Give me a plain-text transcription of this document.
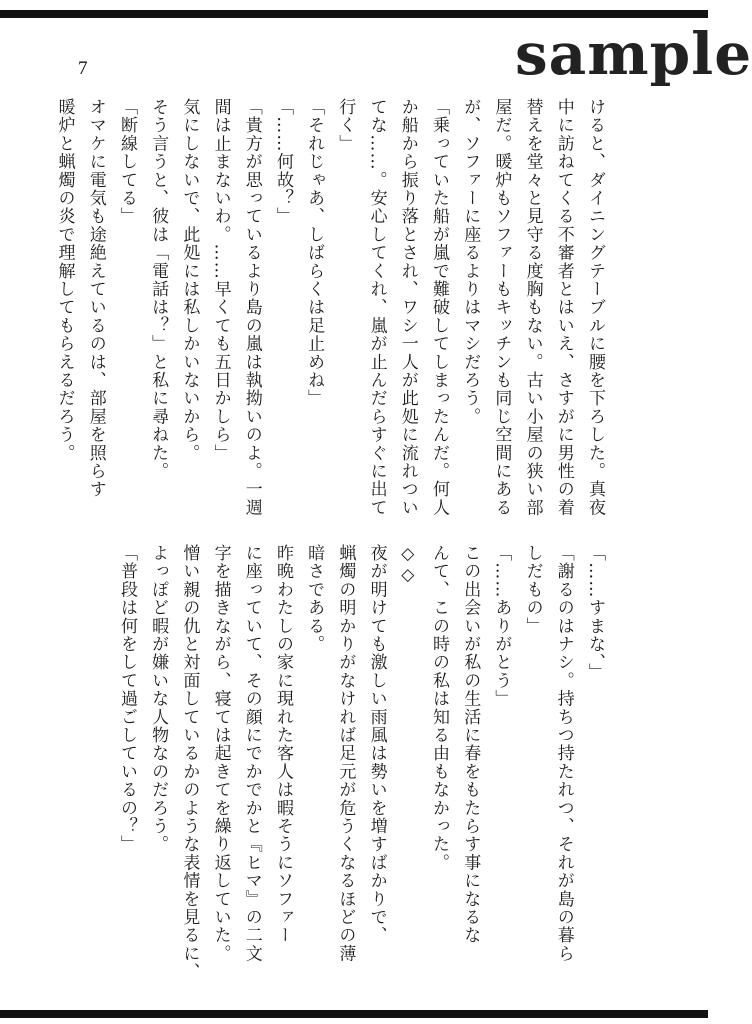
7	sample
けると、ダイニングテーブルに腰を下ろした。真夜
中に訪ねてくる不審者とはいえ、さすがに男性の着
替えを堂々と見守る度胸もない。古い小屋の狭い部
屋だ。暖炉もソファーもキッチンも同じ空間にある
が、ソファーに座るよりはマシだろう。
「乗っていた船が嵐で難破してしまったんだ。何人
か船から振り落とされ、ワシ一人が此処に流れつい
てな……。安心してくれ、嵐が止んだらすぐに出て
行く」
「それじゃあ、しばらくは足止めね」
「……何故？」
「貴方が思っているより島の嵐は執拗いのよ。一週
間は止まないわ。……早くても五日かしら」
気にしないで、此処には私しかいないから。
そう言うと、彼は「電話は？」と私に尋ねた。
「断線してる」
オマケに電気も途絶えているのは、部屋を照らす
暖炉と蝋燭の炎で理解してもらえるだろう。
「……すまな、」
「謝るのはナシ。持ちつ持たれつ、それが島の暮ら
しだもの」
「……ありがとう」
この出会いが私の生活に春をもたらす事になるな
んて、この時の私は知る由もなかった。
◇◇
夜が明けても激しい雨風は勢いを増すばかりで、
蝋燭の明かりがなければ足元が危うくなるほどの薄
暗さである。
昨晩わたしの家に現れた客人は暇そうにソファー
に座っていて、その顔にでかでかと『ヒマ』の二文
字を描きながら、寝ては起きてを繰り返していた。
憎い親の仇と対面しているかのような表情を見るに、
よっぽど暇が嫌いな人物なのだろう。
「普段は何をして過ごしているの？」
